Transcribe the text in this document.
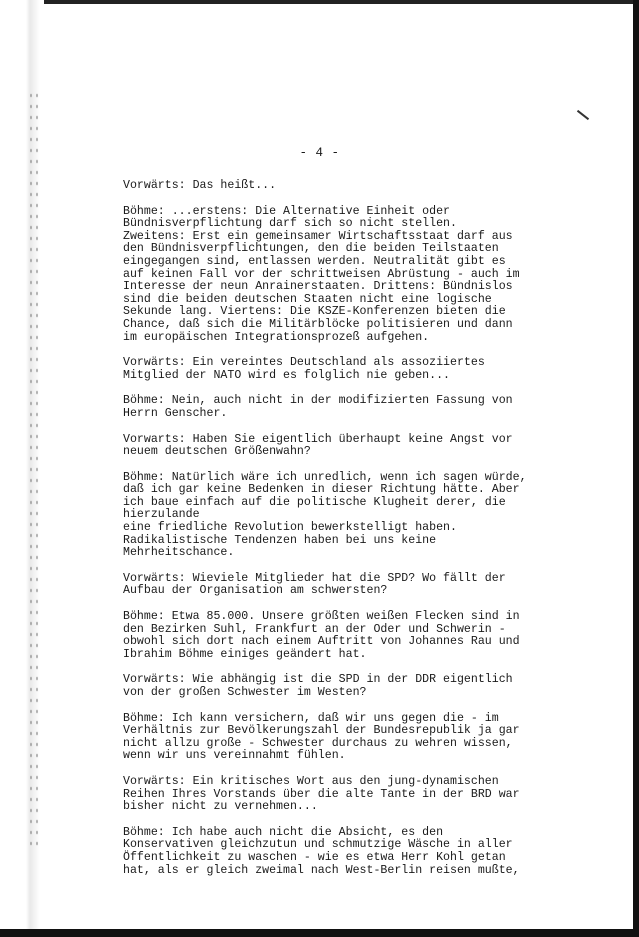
- 4 -
Vorwärts: Das heißt...
Böhme: ...erstens: Die Alternative Einheit oder
Bündnisverpflichtung darf sich so nicht stellen.
Zweitens: Erst ein gemeinsamer Wirtschaftsstaat darf aus
den Bündnisverpflichtungen, den die beiden Teilstaaten
eingegangen sind, entlassen werden. Neutralität gibt es
auf keinen Fall vor der schrittweisen Abrüstung - auch im
Interesse der neun Anrainerstaaten. Drittens: Bündnislos
sind die beiden deutschen Staaten nicht eine logische
Sekunde lang. Viertens: Die KSZE-Konferenzen bieten die
Chance, daß sich die Militärblöcke politisieren und dann
im europäischen Integrationsprozeß aufgehen.
Vorwärts: Ein vereintes Deutschland als assoziiertes
Mitglied der NATO wird es folglich nie geben...
Böhme: Nein, auch nicht in der modifizierten Fassung von
Herrn Genscher.
Vorwarts: Haben Sie eigentlich überhaupt keine Angst vor
neuem deutschen Größenwahn?
Böhme: Natürlich wäre ich unredlich, wenn ich sagen würde,
daß ich gar keine Bedenken in dieser Richtung hätte. Aber
ich baue einfach auf die politische Klugheit derer, die
hierzulande
eine friedliche Revolution bewerkstelligt haben.
Radikalistische Tendenzen haben bei uns keine
Mehrheitschance.
Vorwärts: Wieviele Mitglieder hat die SPD? Wo fällt der
Aufbau der Organisation am schwersten?
Böhme: Etwa 85.000. Unsere größten weißen Flecken sind in
den Bezirken Suhl, Frankfurt an der Oder und Schwerin -
obwohl sich dort nach einem Auftritt von Johannes Rau und
Ibrahim Böhme einiges geändert hat.
Vorwärts: Wie abhängig ist die SPD in der DDR eigentlich
von der großen Schwester im Westen?
Böhme: Ich kann versichern, daß wir uns gegen die - im
Verhältnis zur Bevölkerungszahl der Bundesrepublik ja gar
nicht allzu große - Schwester durchaus zu wehren wissen,
wenn wir uns vereinnahmt fühlen.
Vorwärts: Ein kritisches Wort aus den jung-dynamischen
Reihen Ihres Vorstands über die alte Tante in der BRD war
bisher nicht zu vernehmen...
Böhme: Ich habe auch nicht die Absicht, es den
Konservativen gleichzutun und schmutzige Wäsche in aller
Öffentlichkeit zu waschen - wie es etwa Herr Kohl getan
hat, als er gleich zweimal nach West-Berlin reisen mußte,
